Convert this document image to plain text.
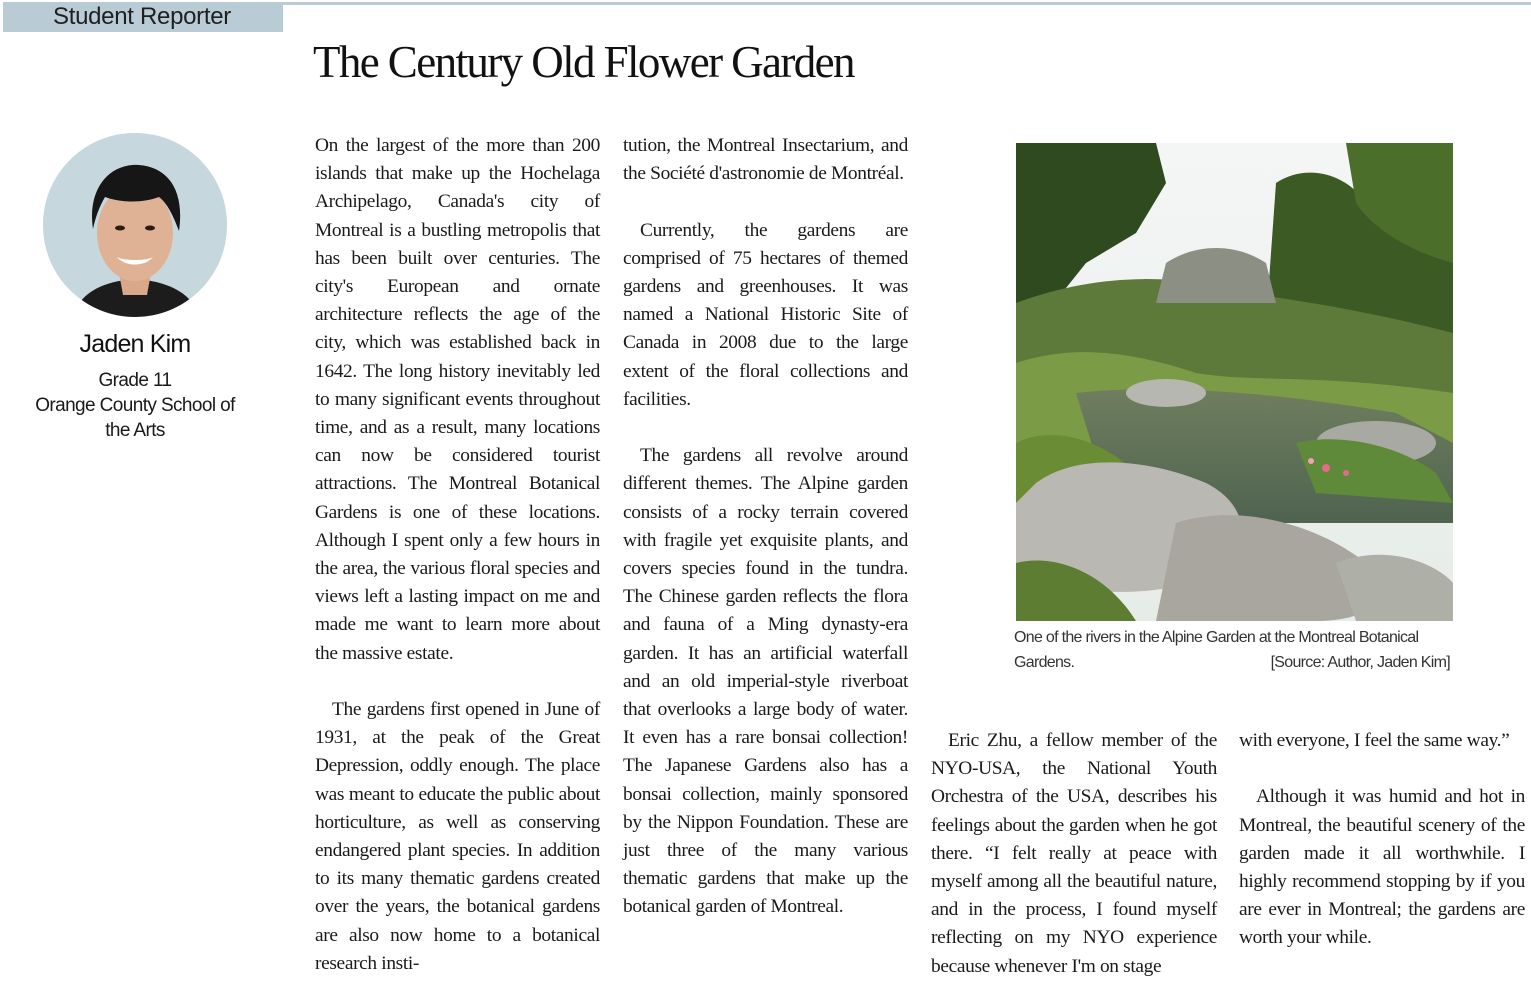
Student Reporter
The Century Old Flower Garden
Jaden Kim
Grade 11
Orange County School of the Arts

On the largest of the more than 200 islands that make up the Hochelaga Archipelago, Canada's city of Montreal is a bustling metropolis that has been built over centuries. The city's European and ornate architecture reflects the age of the city, which was established back in 1642. The long history inevitably led to many significant events throughout time, and as a result, many locations can now be considered tourist attractions. The Montreal Botanical Gardens is one of these locations. Although I spent only a few hours in the area, the various floral species and views left a lasting impact on me and made me want to learn more about the massive estate.

The gardens first opened in June of 1931, at the peak of the Great Depression, oddly enough. The place was meant to educate the public about horticulture, as well as conserving endangered plant species. In addition to its many thematic gardens created over the years, the botanical gardens are also now home to a botanical research insti-

tution, the Montreal Insectarium, and the Société d'astronomie de Montréal.

Currently, the gardens are comprised of 75 hectares of themed gardens and greenhouses. It was named a National Historic Site of Canada in 2008 due to the large extent of the floral collections and facilities.

The gardens all revolve around different themes. The Alpine garden consists of a rocky terrain covered with fragile yet exquisite plants, and covers species found in the tundra. The Chinese garden reflects the flora and fauna of a Ming dynasty-era garden. It has an artificial waterfall and an old imperial-style riverboat that overlooks a large body of water. It even has a rare bonsai collection! The Japanese Gardens also has a bonsai collection, mainly sponsored by the Nippon Foundation. These are just three of the many various thematic gardens that make up the botanical garden of Montreal.

One of the rivers in the Alpine Garden at the Montreal Botanical Gardens.	[Source: Author, Jaden Kim]

Eric Zhu, a fellow member of the NYO-USA, the National Youth Orchestra of the USA, describes his feelings about the garden when he got there. “I felt really at peace with myself among all the beautiful nature, and in the process, I found myself reflecting on my NYO experience because whenever I'm on stage

with everyone, I feel the same way.”

Although it was humid and hot in Montreal, the beautiful scenery of the garden made it all worthwhile. I highly recommend stopping by if you are ever in Montreal; the gardens are worth your while.
